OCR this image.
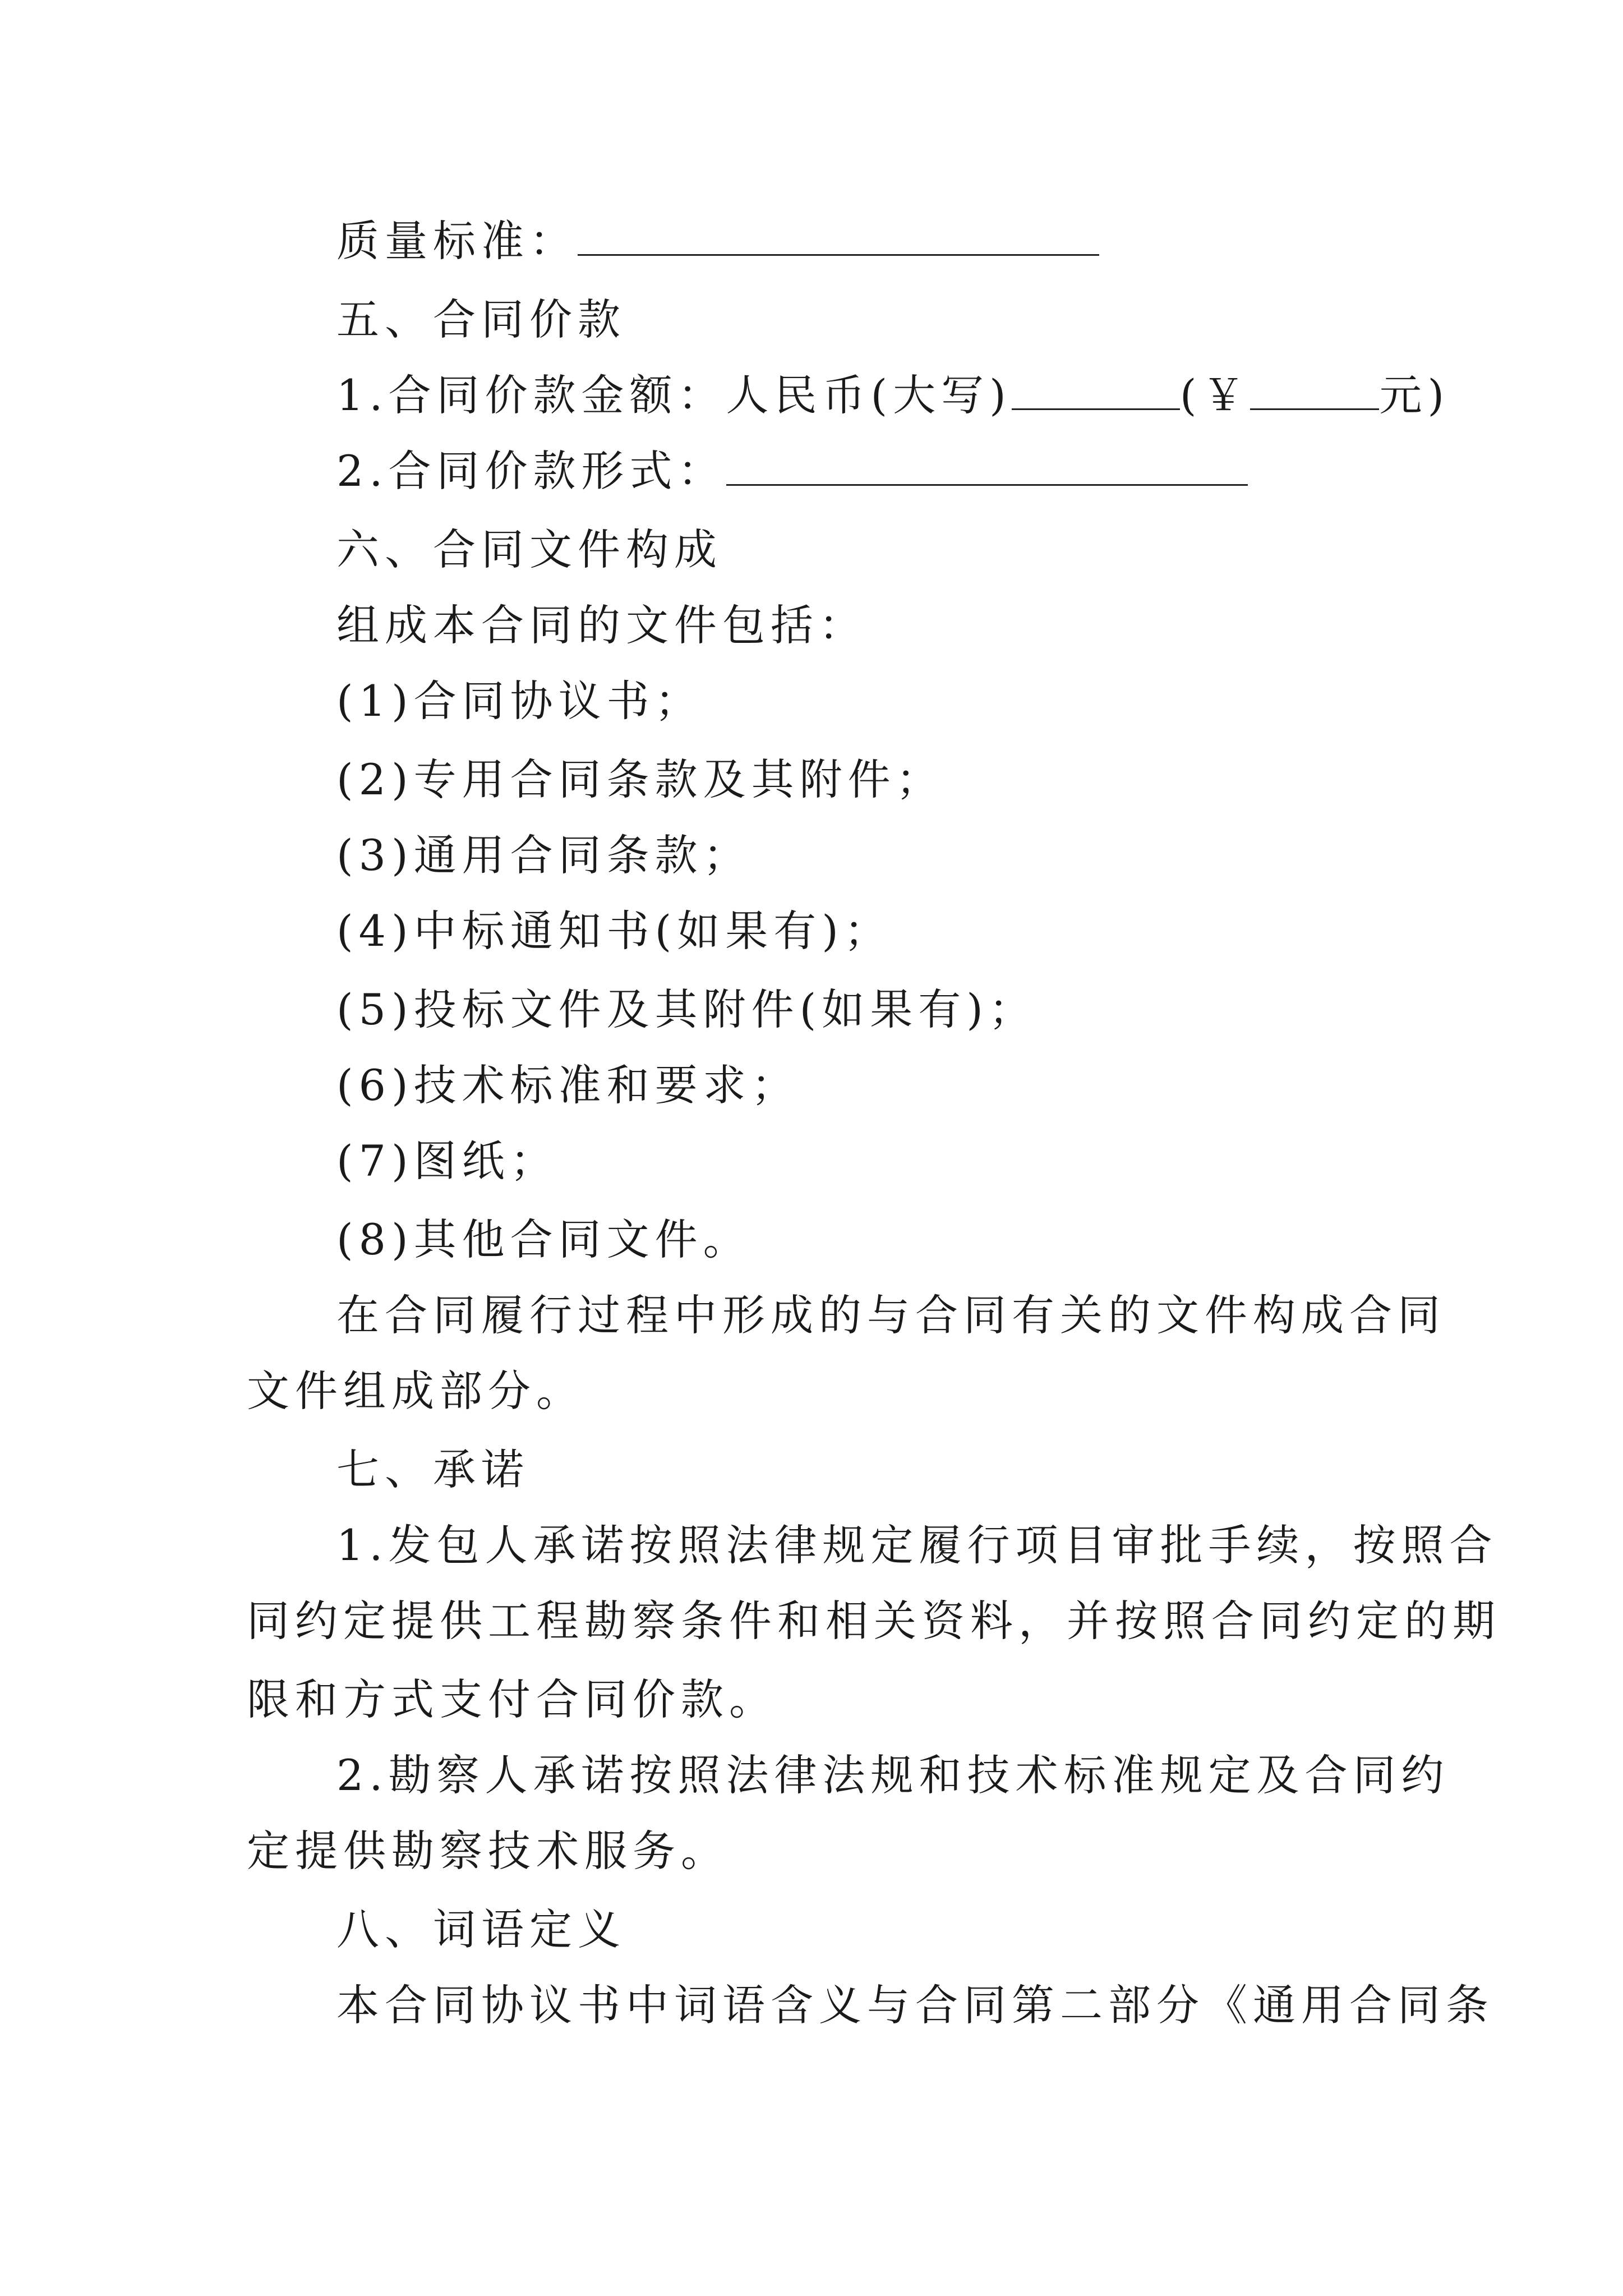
质量标准：
五、合同价款
1.合同价款金额：人民币(大写)	(￥	元)
2.合同价款形式：
六、合同文件构成
组成本合同的文件包括：
(1)合同协议书；
(2)专用合同条款及其附件；
(3)通用合同条款；
(4)中标通知书(如果有)；
(5)投标文件及其附件(如果有)；
(6)技术标准和要求；
(7)图纸；
(8)其他合同文件。
在合同履行过程中形成的与合同有关的文件构成合同
文件组成部分。
七、承诺
1.发包人承诺按照法律规定履行项目审批手续，按照合
同约定提供工程勘察条件和相关资料，并按照合同约定的期
限和方式支付合同价款。
2.勘察人承诺按照法律法规和技术标准规定及合同约
定提供勘察技术服务。
八、词语定义
本合同协议书中词语含义与合同第二部分《通用合同条
